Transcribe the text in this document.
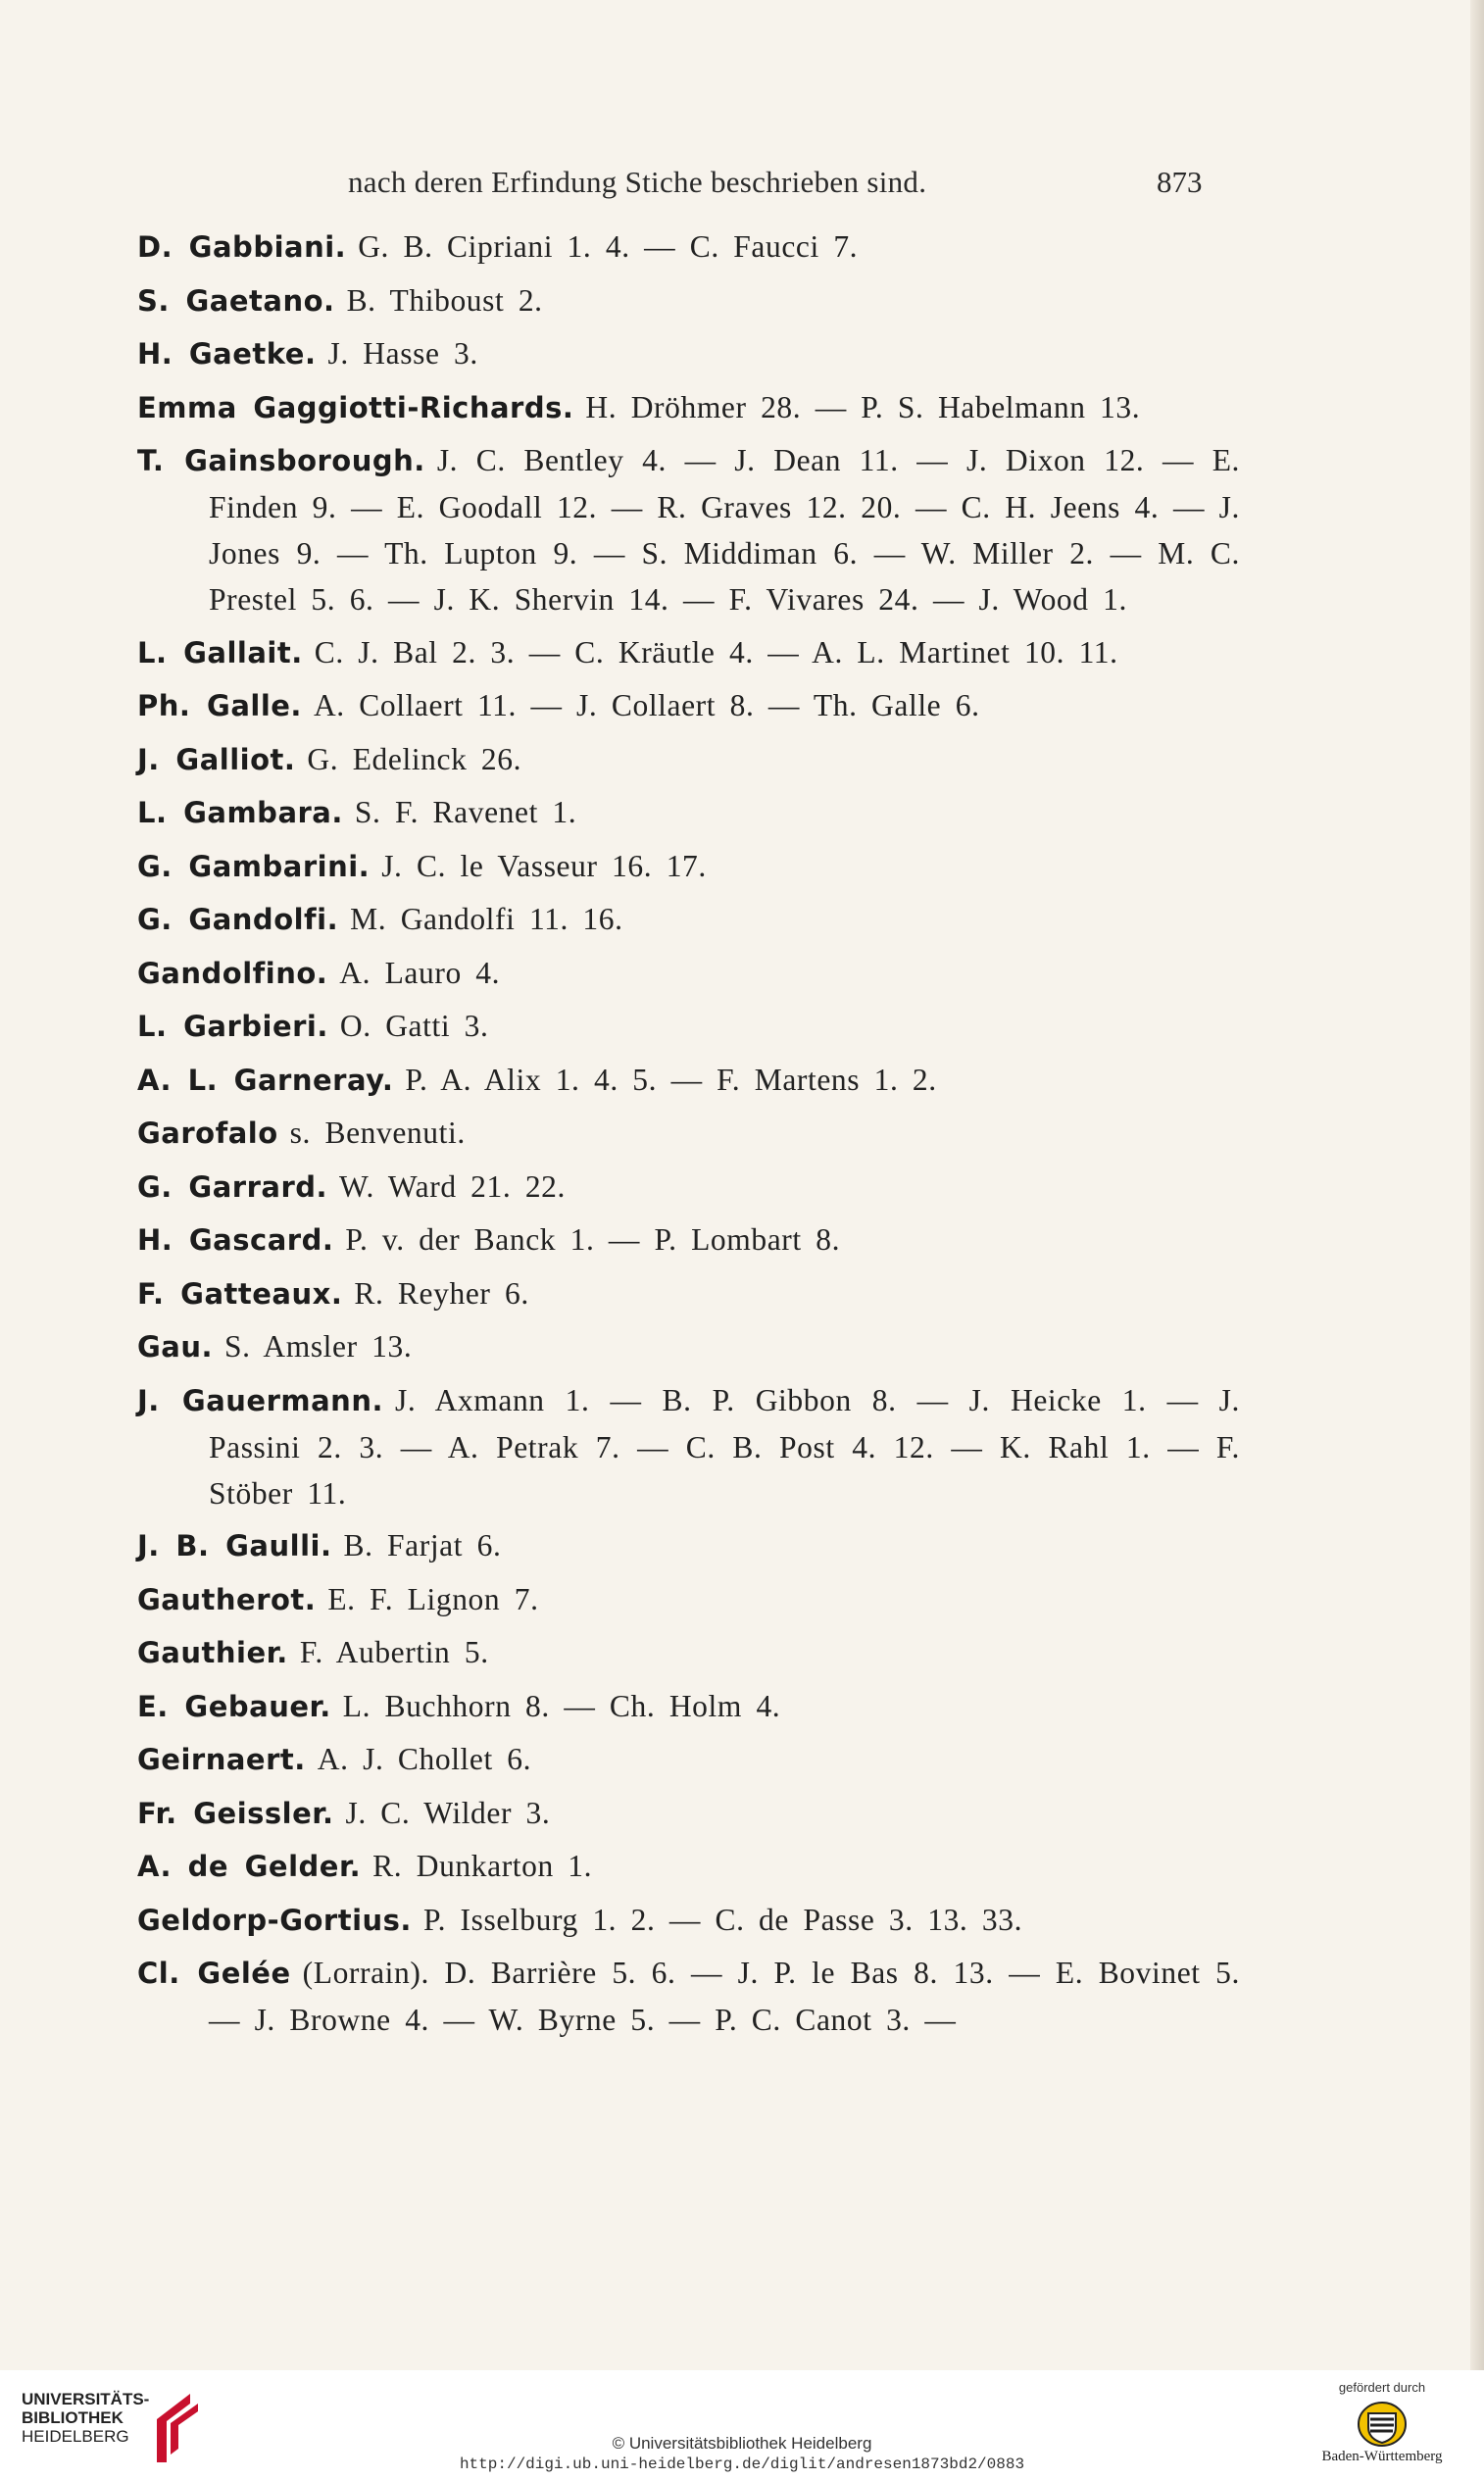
nach deren Erfindung Stiche beschrieben sind.	873
D. Gabbiani. G. B. Cipriani 1. 4. — C. Faucci 7.
S. Gaetano. B. Thiboust 2.
H. Gaetke. J. Hasse 3.
Emma Gaggiotti-Richards. H. Dröhmer 28. — P. S. Habelmann 13.
T. Gainsborough. J. C. Bentley 4. — J. Dean 11. — J. Dixon 12. — E. Finden 9. — E. Goodall 12. — R. Graves 12. 20. — C. H. Jeens 4. — J. Jones 9. — Th. Lupton 9. — S. Middiman 6. — W. Miller 2. — M. C. Prestel 5. 6. — J. K. Shervin 14. — F. Vivares 24. — J. Wood 1.
L. Gallait. C. J. Bal 2. 3. — C. Kräutle 4. — A. L. Martinet 10. 11.
Ph. Galle. A. Collaert 11. — J. Collaert 8. — Th. Galle 6.
J. Galliot. G. Edelinck 26.
L. Gambara. S. F. Ravenet 1.
G. Gambarini. J. C. le Vasseur 16. 17.
G. Gandolfi. M. Gandolfi 11. 16.
Gandolfino. A. Lauro 4.
L. Garbieri. O. Gatti 3.
A. L. Garneray. P. A. Alix 1. 4. 5. — F. Martens 1. 2.
Garofalo s. Benvenuti.
G. Garrard. W. Ward 21. 22.
H. Gascard. P. v. der Banck 1. — P. Lombart 8.
F. Gatteaux. R. Reyher 6.
Gau. S. Amsler 13.
J. Gauermann. J. Axmann 1. — B. P. Gibbon 8. — J. Heicke 1. — J. Passini 2. 3. — A. Petrak 7. — C. B. Post 4. 12. — K. Rahl 1. — F. Stöber 11.
J. B. Gaulli. B. Farjat 6.
Gautherot. E. F. Lignon 7.
Gauthier. F. Aubertin 5.
E. Gebauer. L. Buchhorn 8. — Ch. Holm 4.
Geirnaert. A. J. Chollet 6.
Fr. Geissler. J. C. Wilder 3.
A. de Gelder. R. Dunkarton 1.
Geldorp-Gortius. P. Isselburg 1. 2. — C. de Passe 3. 13. 33.
Cl. Gelée (Lorrain). D. Barrière 5. 6. — J. P. le Bas 8. 13. — E. Bovinet 5. — J. Browne 4. — W. Byrne 5. — P. C. Canot 3. —
UNIVERSITÄTS-
BIBLIOTHEK
HEIDELBERG	© Universitätsbibliothek Heidelberg
http://digi.ub.uni-heidelberg.de/diglit/andresen1873bd2/0883
gefördert durch
Baden-Württemberg
